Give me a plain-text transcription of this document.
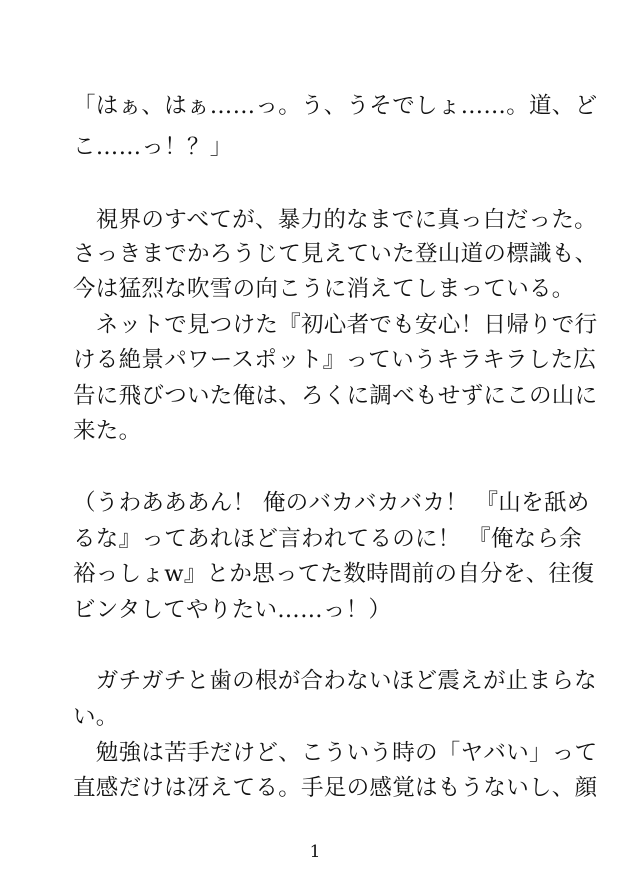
「はぁ、はぁ……っ。う、うそでしょ……。道、ど
こ……っ！？」
　視界のすべてが、暴力的なまでに真っ白だった。
さっきまでかろうじて見えていた登山道の標識も、
今は猛烈な吹雪の向こうに消えてしまっている。
　ネットで見つけた『初心者でも安心！日帰りで行
ける絶景パワースポット』っていうキラキラした広
告に飛びついた俺は、ろくに調べもせずにこの山に
来た。
（うわあああん！ 俺のバカバカバカ！ 『山を舐め
るな』ってあれほど言われてるのに！ 『俺なら余
裕っしょw』とか思ってた数時間前の自分を、往復
ビンタしてやりたい……っ！）
　ガチガチと歯の根が合わないほど震えが止まらな
い。
　勉強は苦手だけど、こういう時の「ヤバい」って
直感だけは冴えてる。手足の感覚はもうないし、顔
1
